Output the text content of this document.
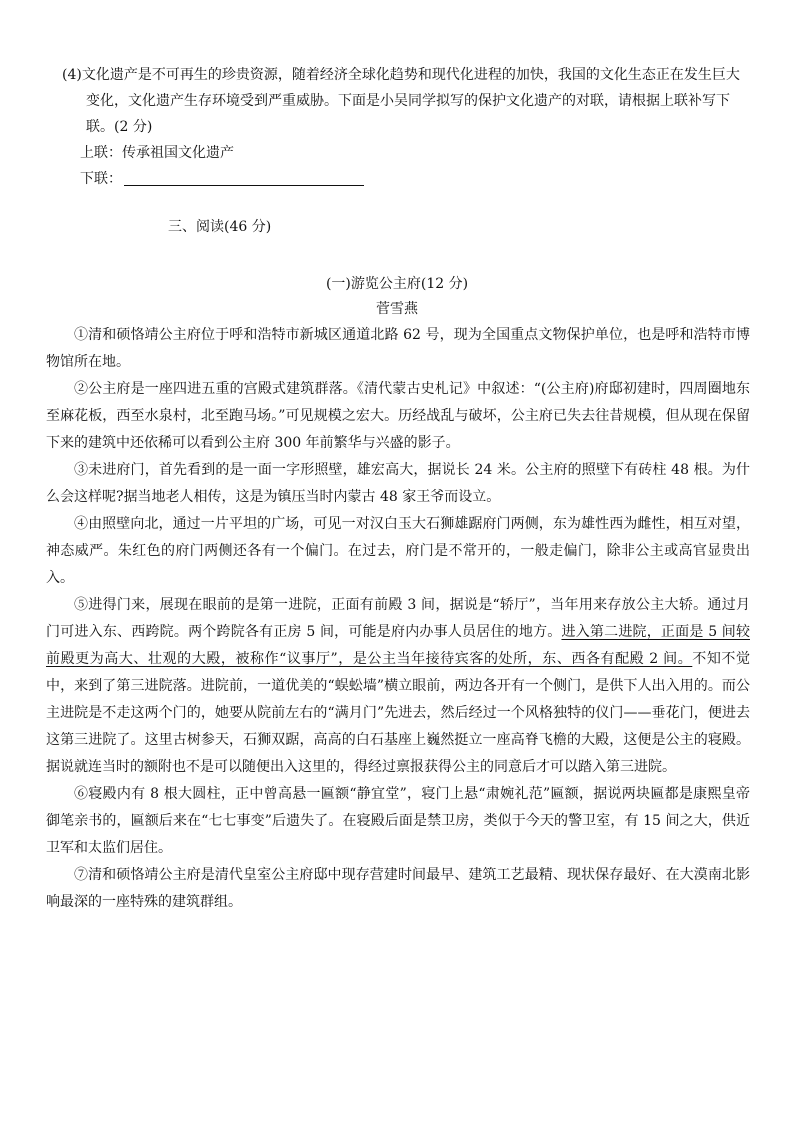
(4)文化遗产是不可再生的珍贵资源，随着经济全球化趋势和现代化进程的加快，我国的文化生态正在发生巨大变化，文化遗产生存环境受到严重威胁。下面是小吴同学拟写的保护文化遗产的对联，请根据上联补写下联。(2 分)

上联：传承祖国文化遗产

下联：

三、阅读(46 分)

(一)游览公主府(12 分)

菅雪燕

①清和硕恪靖公主府位于呼和浩特市新城区通道北路 62 号，现为全国重点文物保护单位，也是呼和浩特市博物馆所在地。

②公主府是一座四进五重的宫殿式建筑群落。《清代蒙古史札记》中叙述：“(公主府)府邸初建时，四周圈地东至麻花板，西至水泉村，北至跑马场。”可见规模之宏大。历经战乱与破坏，公主府已失去往昔规模，但从现在保留下来的建筑中还依稀可以看到公主府 300 年前繁华与兴盛的影子。

③未进府门，首先看到的是一面一字形照壁，雄宏高大，据说长 24 米。公主府的照壁下有砖柱 48 根。为什么会这样呢?据当地老人相传，这是为镇压当时内蒙古 48 家王爷而设立。

④由照壁向北，通过一片平坦的广场，可见一对汉白玉大石狮雄踞府门两侧，东为雄性西为雌性，相互对望，神态威严。朱红色的府门两侧还各有一个偏门。在过去，府门是不常开的，一般走偏门，除非公主或高官显贵出入。

⑤进得门来，展现在眼前的是第一进院，正面有前殿 3 间，据说是“轿厅”，当年用来存放公主大轿。通过月门可进入东、西跨院。两个跨院各有正房 5 间，可能是府内办事人员居住的地方。进入第二进院，正面是 5 间较前殿更为高大、壮观的大殿，被称作“议事厅”，是公主当年接待宾客的处所，东、西各有配殿 2 间。不知不觉中，来到了第三进院落。进院前，一道优美的“蜈蚣墙”横立眼前，两边各开有一个侧门，是供下人出入用的。而公主进院是不走这两个门的，她要从院前左右的“满月门”先进去，然后经过一个风格独特的仪门——垂花门，便进去这第三进院了。这里古树参天，石狮双踞，高高的白石基座上巍然挺立一座高脊飞檐的大殿，这便是公主的寝殿。据说就连当时的额附也不是可以随便出入这里的，得经过禀报获得公主的同意后才可以踏入第三进院。

⑥寝殿内有 8 根大圆柱，正中曾高悬一匾额“静宜堂”，寝门上悬“肃婉礼范”匾额，据说两块匾都是康熙皇帝御笔亲书的，匾额后来在“七七事变”后遗失了。在寝殿后面是禁卫房，类似于今天的警卫室，有 15 间之大，供近卫军和太监们居住。

⑦清和硕恪靖公主府是清代皇室公主府邸中现存营建时间最早、建筑工艺最精、现状保存最好、在大漠南北影响最深的一座特殊的建筑群组。
